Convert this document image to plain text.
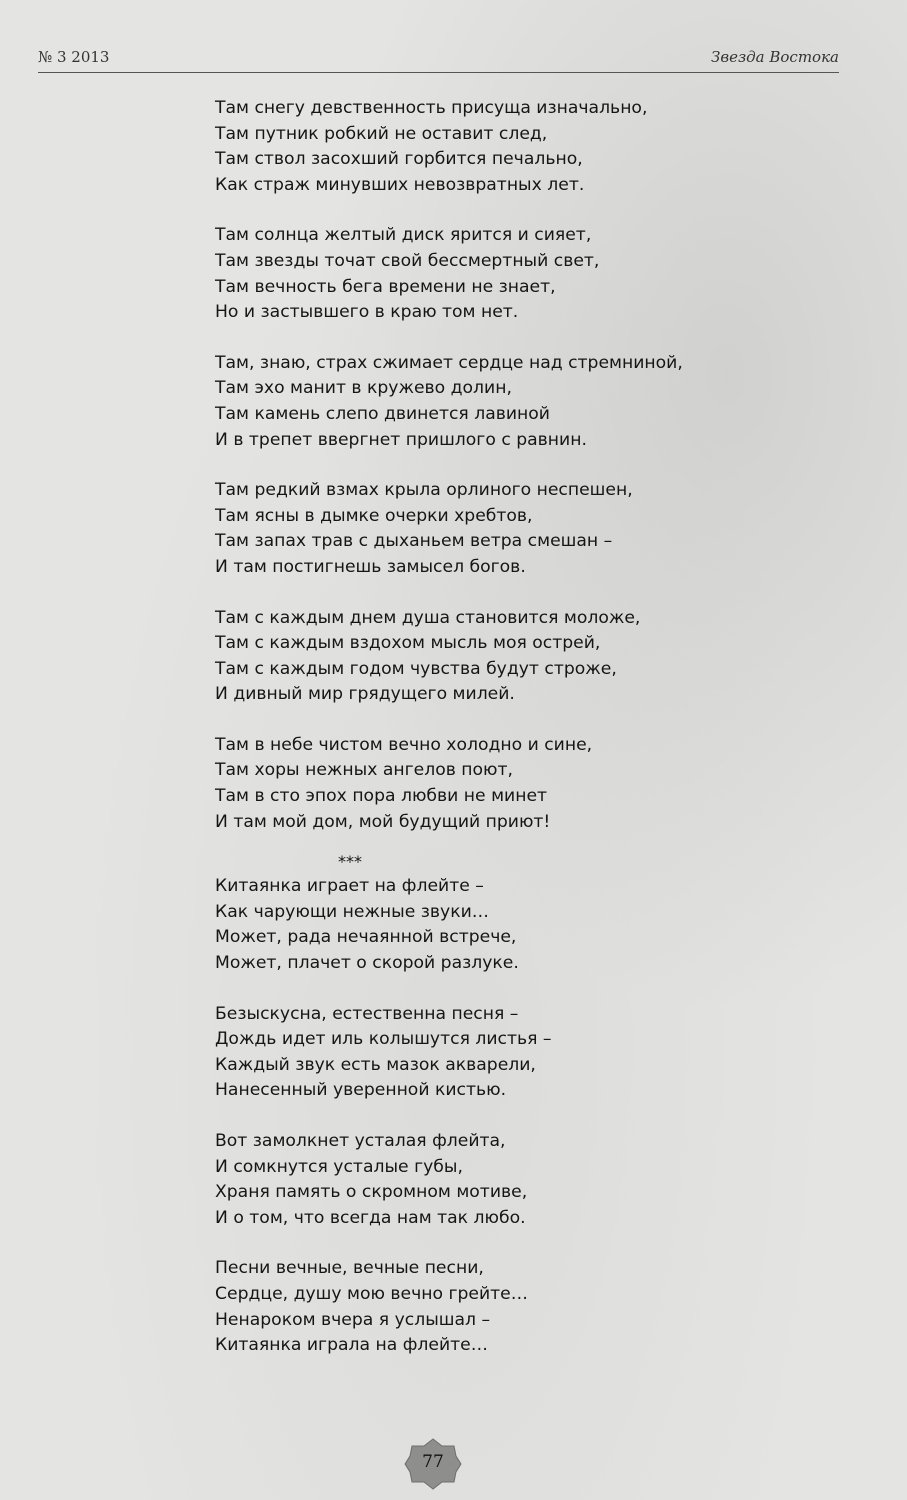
№ 3 2013	Звезда Востока
Там снегу девственность присуща изначально,
Там путник робкий не оставит след,
Там ствол засохший горбится печально,
Как страж минувших невозвратных лет.
Там солнца желтый диск ярится и сияет,
Там звезды точат свой бессмертный свет,
Там вечность бега времени не знает,
Но и застывшего в краю том нет.
Там, знаю, страх сжимает сердце над стремниной,
Там эхо манит в кружево долин,
Там камень слепо двинется лавиной
И в трепет ввергнет пришлого с равнин.
Там редкий взмах крыла орлиного неспешен,
Там ясны в дымке очерки хребтов,
Там запах трав с дыханьем ветра смешан –
И там постигнешь замысел богов.
Там с каждым днем душа становится моложе,
Там с каждым вздохом мысль моя острей,
Там с каждым годом чувства будут строже,
И дивный мир грядущего милей.
Там в небе чистом вечно холодно и сине,
Там хоры нежных ангелов поют,
Там в сто эпох пора любви не минет
И там мой дом, мой будущий приют!
***
Китаянка играет на флейте –
Как чарующи нежные звуки…
Может, рада нечаянной встрече,
Может, плачет о скорой разлуке.
Безыскусна, естественна песня –
Дождь идет иль колышутся листья –
Каждый звук есть мазок акварели,
Нанесенный уверенной кистью.
Вот замолкнет усталая флейта,
И сомкнутся усталые губы,
Храня память о скромном мотиве,
И о том, что всегда нам так любо.
Песни вечные, вечные песни,
Сердце, душу мою вечно грейте…
Ненароком вчера я услышал –
Китаянка играла на флейте…
77
